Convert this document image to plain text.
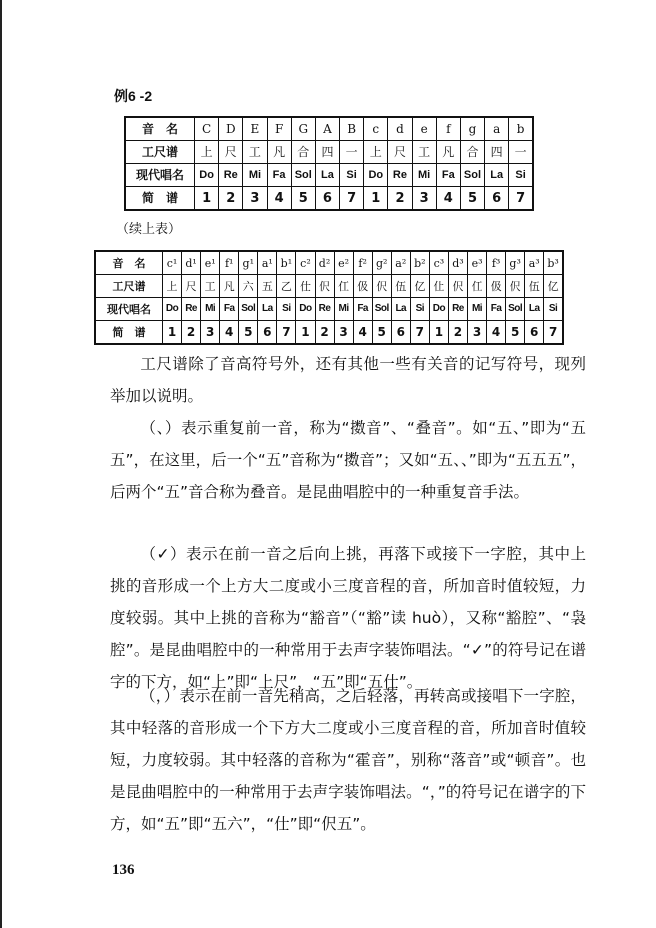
例6 -2
音　名	C	D	E	F	G	A	B	c	d	e	f	g	a	b
工尺谱	上	尺	工	凡	合	四	一	上	尺	工	凡	合	四	一
现代唱名	Do	Re	Mi	Fa	Sol	La	Si	Do	Re	Mi	Fa	Sol	La	Si
简　谱	1	2	3	4	5	6	7	1	2	3	4	5	6	7
（续上表）
音　名	c¹	d¹	e¹	f¹	g¹	a¹	b¹	c²	d²	e²	f²	g²	a²	b²	c³	d³	e³	f³	g³	a³	b³
工尺谱	上	尺	工	凡	六	五	乙	仕	伬	仜	伋	伬	伍	亿	仩	伬	仜	伋	伬	伍	亿
现代唱名	Do	Re	Mi	Fa	Sol	La	Si	Do	Re	Mi	Fa	Sol	La	Si	Do	Re	Mi	Fa	Sol	La	Si
简　谱	1	2	3	4	5	6	7	1	2	3	4	5	6	7	1	2	3	4	5	6	7
工尺谱除了音高符号外，还有其他一些有关音的记写符号，现列举加以说明。
（、）表示重复前一音，称为“擞音”、“叠音”。如“五、”即为“五五”，在这里，后一个“五”音称为“擞音”；又如“五、、”即为“五五五”，后两个“五”音合称为叠音。是昆曲唱腔中的一种重复音手法。
（✓）表示在前一音之后向上挑，再落下或接下一字腔，其中上挑的音形成一个上方大二度或小三度音程的音，所加音时值较短，力度较弱。其中上挑的音称为“豁音”（“豁”读 huò），又称“豁腔”、“袅腔”。是昆曲唱腔中的一种常用于去声字装饰唱法。“✓”的符号记在谱字的下方，如“上”即“上尺”，“五”即“五仕”。
（，）表示在前一音先稍高，之后轻落，再转高或接唱下一字腔，其中轻落的音形成一个下方大二度或小三度音程的音，所加音时值较短，力度较弱。其中轻落的音称为“霍音”，别称“落音”或“顿音”。也是昆曲唱腔中的一种常用于去声字装饰唱法。“，”的符号记在谱字的下方，如“五”即“五六”，“仕”即“伬五”。
136
